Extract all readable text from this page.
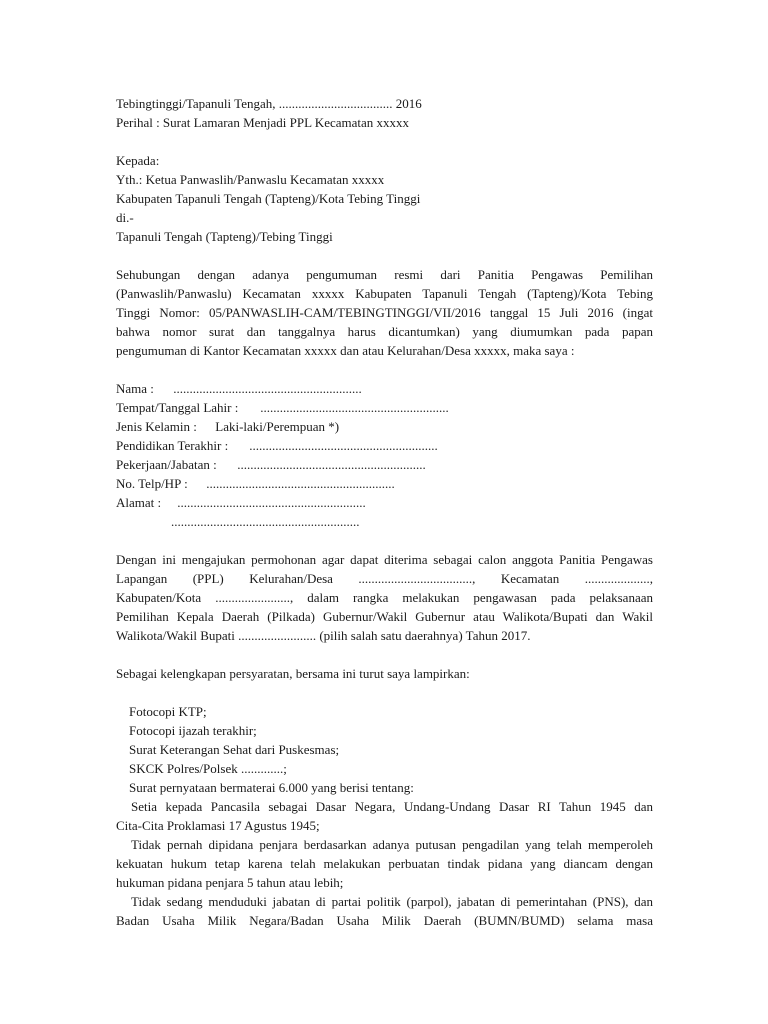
Tebingtinggi/Tapanuli Tengah, ................................... 2016
Perihal : Surat Lamaran Menjadi PPL Kecamatan xxxxx
Kepada:
Yth.: Ketua Panwaslih/Panwaslu Kecamatan xxxxx
Kabupaten Tapanuli Tengah (Tapteng)/Kota Tebing Tinggi
di.-
Tapanuli Tengah (Tapteng)/Tebing Tinggi
Sehubungan dengan adanya pengumuman resmi dari Panitia Pengawas Pemilihan
(Panwaslih/Panwaslu) Kecamatan xxxxx Kabupaten Tapanuli Tengah (Tapteng)/Kota Tebing
Tinggi Nomor: 05/PANWASLIH-CAM/TEBINGTINGGI/VII/2016 tanggal 15 Juli 2016 (ingat
bahwa nomor surat dan tanggalnya harus dicantumkan) yang diumumkan pada papan
pengumuman di Kantor Kecamatan xxxxx dan atau Kelurahan/Desa xxxxx, maka saya :
Nama : ..........................................................
Tempat/Tanggal Lahir : ..........................................................
Jenis Kelamin : Laki-laki/Perempuan *)
Pendidikan Terakhir : ..........................................................
Pekerjaan/Jabatan : ..........................................................
No. Telp/HP : ..........................................................
Alamat : ..........................................................
..........................................................
Dengan ini mengajukan permohonan agar dapat diterima sebagai calon anggota Panitia Pengawas
Lapangan (PPL) Kelurahan/Desa ..................................., Kecamatan ....................,
Kabupaten/Kota ......................., dalam rangka melakukan pengawasan pada pelaksanaan
Pemilihan Kepala Daerah (Pilkada) Gubernur/Wakil Gubernur atau Walikota/Bupati dan Wakil
Walikota/Wakil Bupati ........................ (pilih salah satu daerahnya) Tahun 2017.
Sebagai kelengkapan persyaratan, bersama ini turut saya lampirkan:
Fotocopi KTP;
Fotocopi ijazah terakhir;
Surat Keterangan Sehat dari Puskesmas;
SKCK Polres/Polsek .............;
Surat pernyataan bermaterai 6.000 yang berisi tentang:
Setia kepada Pancasila sebagai Dasar Negara, Undang-Undang Dasar RI Tahun 1945 dan
Cita-Cita Proklamasi 17 Agustus 1945;
Tidak pernah dipidana penjara berdasarkan adanya putusan pengadilan yang telah memperoleh
kekuatan hukum tetap karena telah melakukan perbuatan tindak pidana yang diancam dengan
hukuman pidana penjara 5 tahun atau lebih;
Tidak sedang menduduki jabatan di partai politik (parpol), jabatan di pemerintahan (PNS), dan
Badan Usaha Milik Negara/Badan Usaha Milik Daerah (BUMN/BUMD) selama masa
